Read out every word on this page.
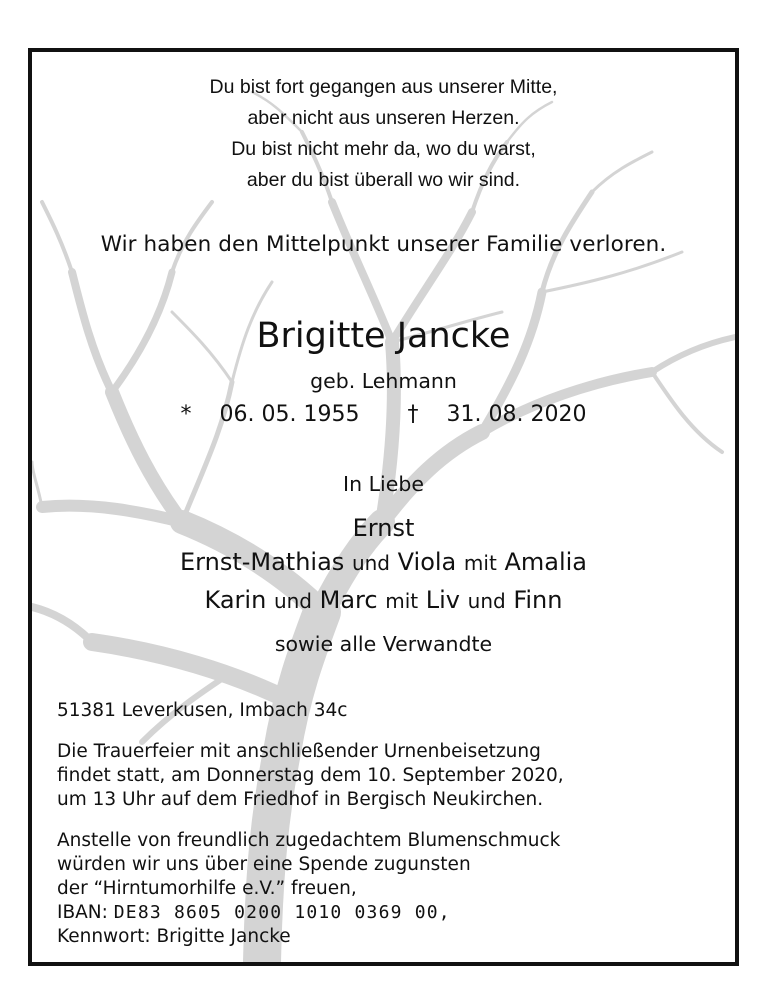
Du bist fort gegangen aus unserer Mitte,
aber nicht aus unseren Herzen.
Du bist nicht mehr da, wo du warst,
aber du bist überall wo wir sind.
Wir haben den Mittelpunkt unserer Familie verloren.
Brigitte Jancke
geb. Lehmann
* 06. 05. 1955 † 31. 08. 2020
In Liebe
Ernst
Ernst-Mathias und Viola mit Amalia
Karin und Marc mit Liv und Finn
sowie alle Verwandte
51381 Leverkusen, Imbach 34c
Die Trauerfeier mit anschließender Urnenbeisetzung
findet statt, am Donnerstag dem 10. September 2020,
um 13 Uhr auf dem Friedhof in Bergisch Neukirchen.
Anstelle von freundlich zugedachtem Blumenschmuck
würden wir uns über eine Spende zugunsten
der “Hirntumorhilfe e.V.” freuen,
IBAN: DE83 8605 0200 1010 0369 00,
Kennwort: Brigitte Jancke
